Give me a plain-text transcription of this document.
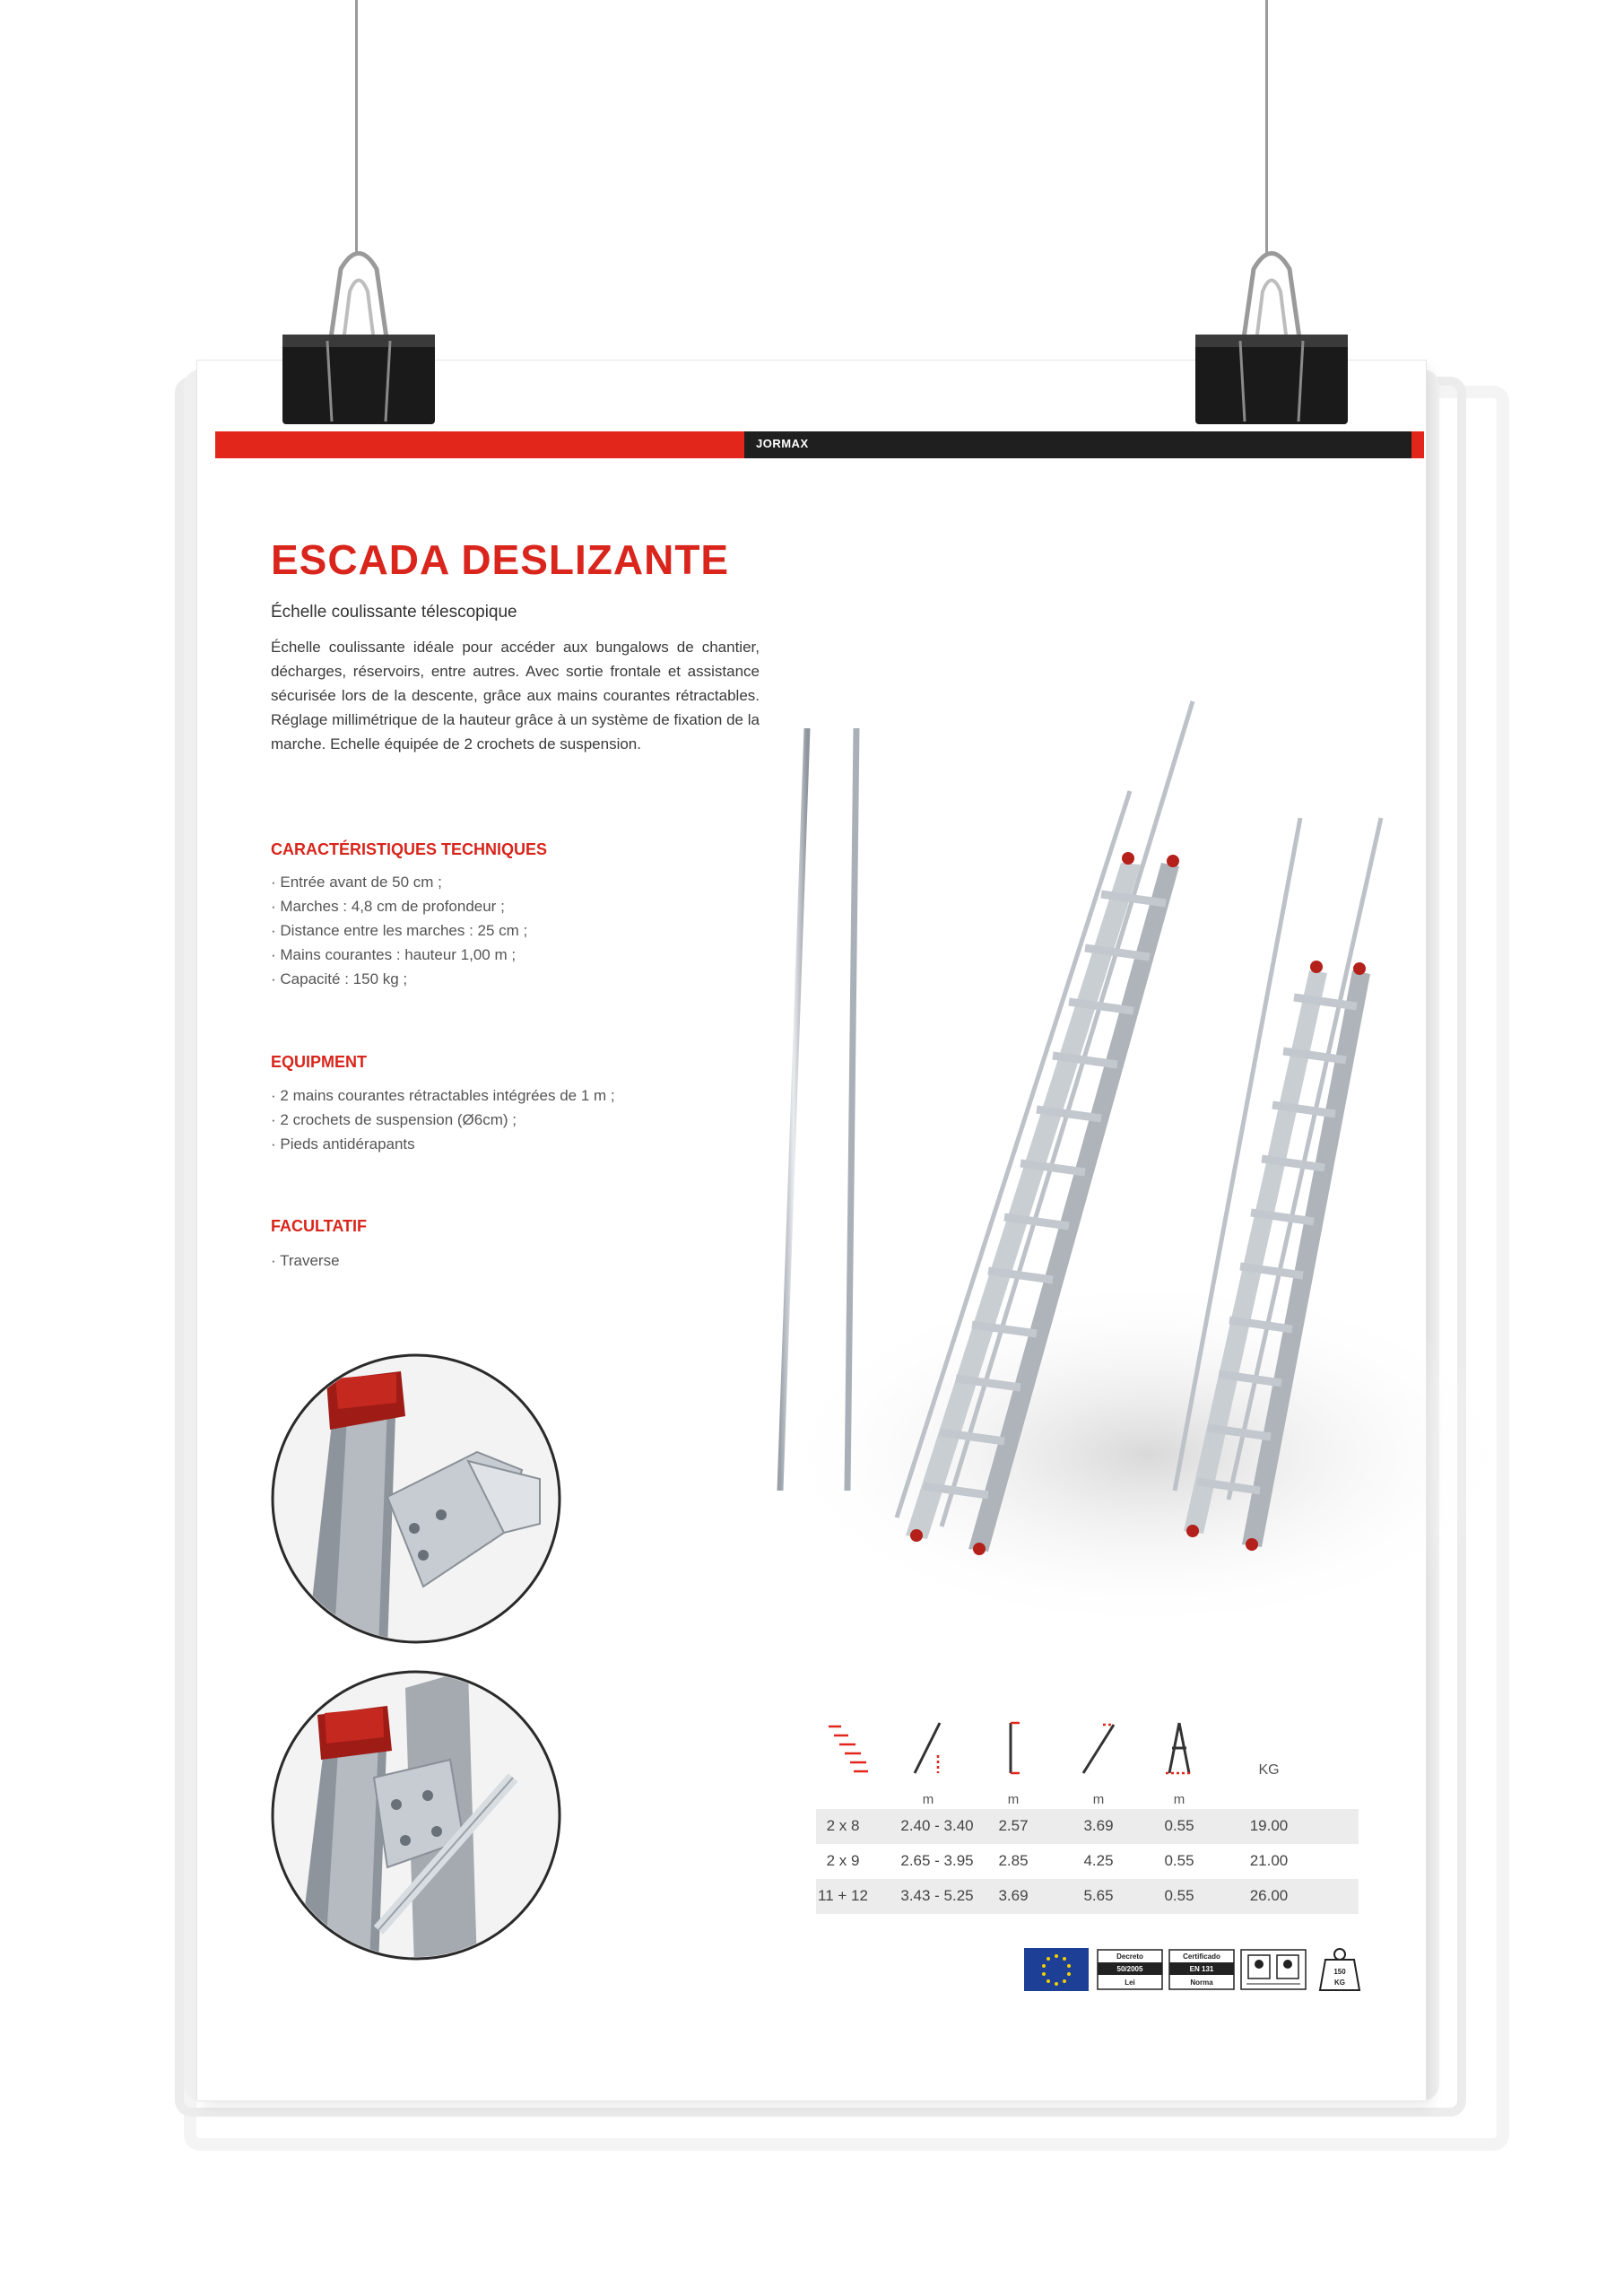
JORMAX
ESCADA DESLIZANTE

Échelle coulissante télescopique

Échelle coulissante idéale pour accéder aux bungalows de chantier, décharges, réservoirs, entre autres. Avec sortie frontale et assistance sécurisée lors de la descente, grâce aux mains courantes rétractables. Réglage millimétrique de la hauteur grâce à un système de fixation de la marche. Echelle équipée de 2 crochets de suspension.

CARACTÉRISTIQUES TECHNIQUES
· Entrée avant de 50 cm ;
· Marches : 4,8 cm de profondeur ;
· Distance entre les marches : 25 cm ;
· Mains courantes : hauteur 1,00 m ;
· Capacité : 150 kg ;
EQUIPMENT
· 2 mains courantes rétractables intégrées de 1 m ;
· 2 crochets de suspension (Ø6cm) ;
· Pieds antidérapants
FACULTATIF
· Traverse
m	m	m	m
KG
2 x 8	2.40 - 3.40	2.57	3.69	0.55	19.00
2 x 9	2.65 - 3.95	2.85	4.25	0.55	21.00
11 + 12	3.43 - 5.25	3.69	5.65	0.55	26.00
Decreto
50/2005
Lei
Certificado
EN 131
Norma
150
KG
